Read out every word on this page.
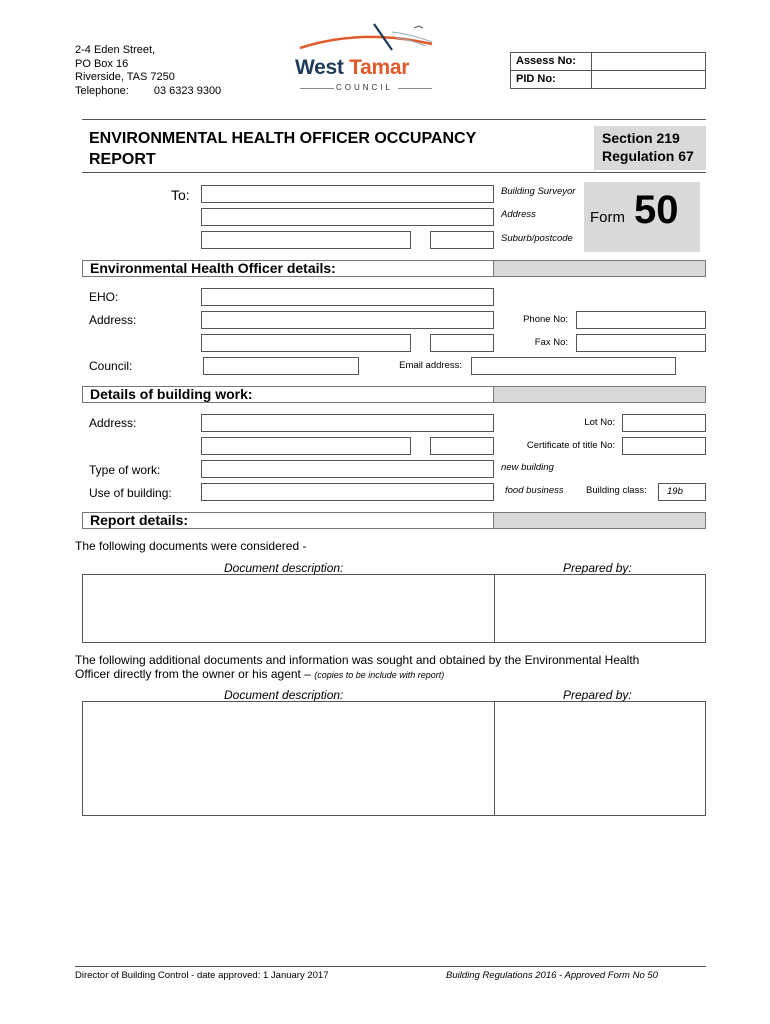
2-4 Eden Street,
PO Box 16
Riverside, TAS 7250
Telephone: 03 6323 9300
West Tamar
COUNCIL
Assess No:
PID No:
ENVIRONMENTAL HEALTH OFFICER OCCUPANCY
REPORT
Section 219
Regulation 67
To:	Building Surveyor
Address
Suburb/postcode
Form 50
Environmental Health Officer details:
EHO:
Address:	Phone No:
Fax No:
Council:	Email address:
Details of building work:
Address:	Lot No:
Certificate of title No:
Type of work:	new building
Use of building:	food business Building class: 19b
Report details:
The following documents were considered -
Document description:	Prepared by:
The following additional documents and information was sought and obtained by the Environmental Health
Officer directly from the owner or his agent – (copies to be include with report)
Document description:	Prepared by:
Director of Building Control - date approved: 1 January 2017	Building Regulations 2016 - Approved Form No 50
